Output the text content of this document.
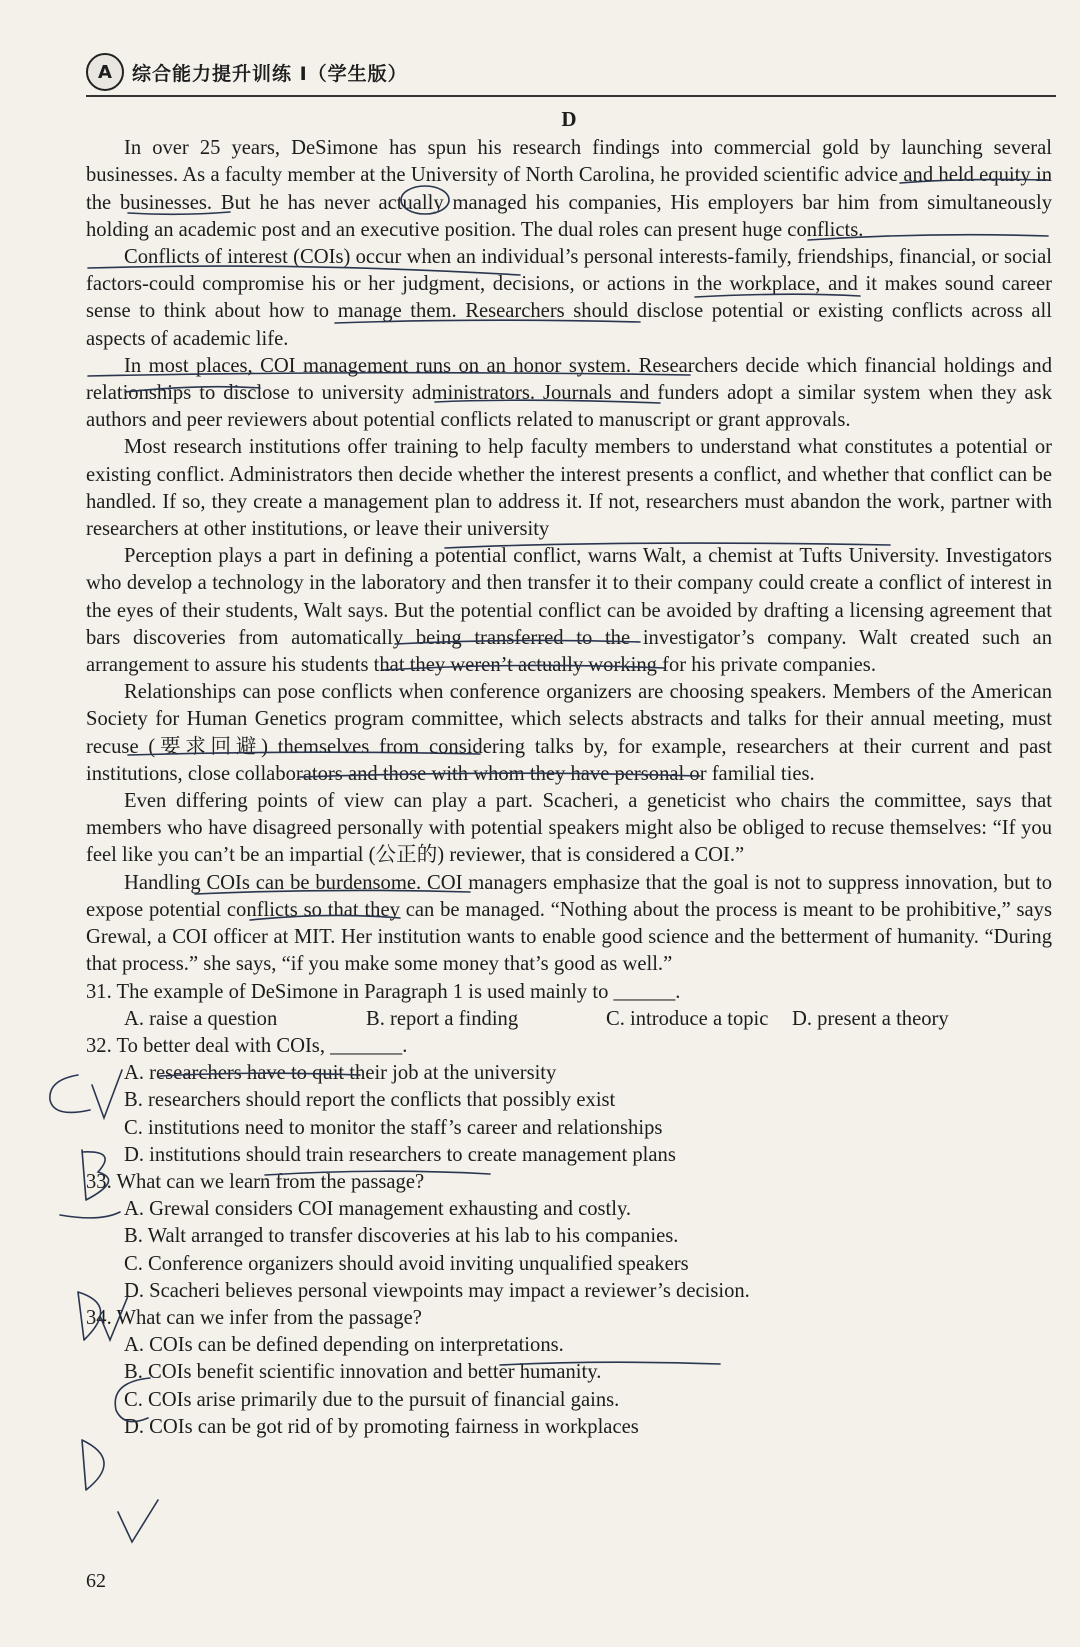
A	综合能力提升训练 I（学生版）
D

In over 25 years, DeSimone has spun his research findings into commercial gold by launching several businesses. As a faculty member at the University of North Carolina, he provided scientific advice and held equity in the businesses. But he has never actually managed his companies, His employers bar him from simultaneously holding an academic post and an executive position. The dual roles can present huge conflicts.

Conflicts of interest (COIs) occur when an individual’s personal interests-family, friendships, financial, or social factors-could compromise his or her judgment, decisions, or actions in the workplace, and it makes sound career sense to think about how to manage them. Researchers should disclose potential or existing conflicts across all aspects of academic life.

In most places, COI management runs on an honor system. Researchers decide which financial holdings and relationships to disclose to university administrators. Journals and funders adopt a similar system when they ask authors and peer reviewers about potential conflicts related to manuscript or grant approvals.

Most research institutions offer training to help faculty members to understand what constitutes a potential or existing conflict. Administrators then decide whether the interest presents a conflict, and whether that conflict can be handled. If so, they create a management plan to address it. If not, researchers must abandon the work, partner with researchers at other institutions, or leave their university

Perception plays a part in defining a potential conflict, warns Walt, a chemist at Tufts University. Investigators who develop a technology in the laboratory and then transfer it to their company could create a conflict of interest in the eyes of their students, Walt says. But the potential conflict can be avoided by drafting a licensing agreement that bars discoveries from automatically being transferred to the investigator’s company. Walt created such an arrangement to assure his students that they weren’t actually working for his private companies.

Relationships can pose conflicts when conference organizers are choosing speakers. Members of the American Society for Human Genetics program committee, which selects abstracts and talks for their annual meeting, must recuse (要求回避) themselves from considering talks by, for example, researchers at their current and past institutions, close collaborators and those with whom they have personal or familial ties.

Even differing points of view can play a part. Scacheri, a geneticist who chairs the committee, says that members who have disagreed personally with potential speakers might also be obliged to recuse themselves: “If you feel like you can’t be an impartial (公正的) reviewer, that is considered a COI.”

Handling COIs can be burdensome. COI managers emphasize that the goal is not to suppress innovation, but to expose potential conflicts so that they can be managed. “Nothing about the process is meant to be prohibitive,” says Grewal, a COI officer at MIT. Her institution wants to enable good science and the betterment of humanity. “During that process.” she says, “if you make some money that’s good as well.”

31. The example of DeSimone in Paragraph 1 is used mainly to ______.
A. raise a question	B. report a finding	C. introduce a topic	D. present a theory
32. To better deal with COIs, _______.
A. researchers have to quit their job at the university
B. researchers should report the conflicts that possibly exist
C. institutions need to monitor the staff’s career and relationships
D. institutions should train researchers to create management plans
33. What can we learn from the passage?
A. Grewal considers COI management exhausting and costly.
B. Walt arranged to transfer discoveries at his lab to his companies.
C. Conference organizers should avoid inviting unqualified speakers
D. Scacheri believes personal viewpoints may impact a reviewer’s decision.
34. What can we infer from the passage?
A. COIs can be defined depending on interpretations.
B. COIs benefit scientific innovation and better humanity.
C. COIs arise primarily due to the pursuit of financial gains.
D. COIs can be got rid of by promoting fairness in workplaces
62
